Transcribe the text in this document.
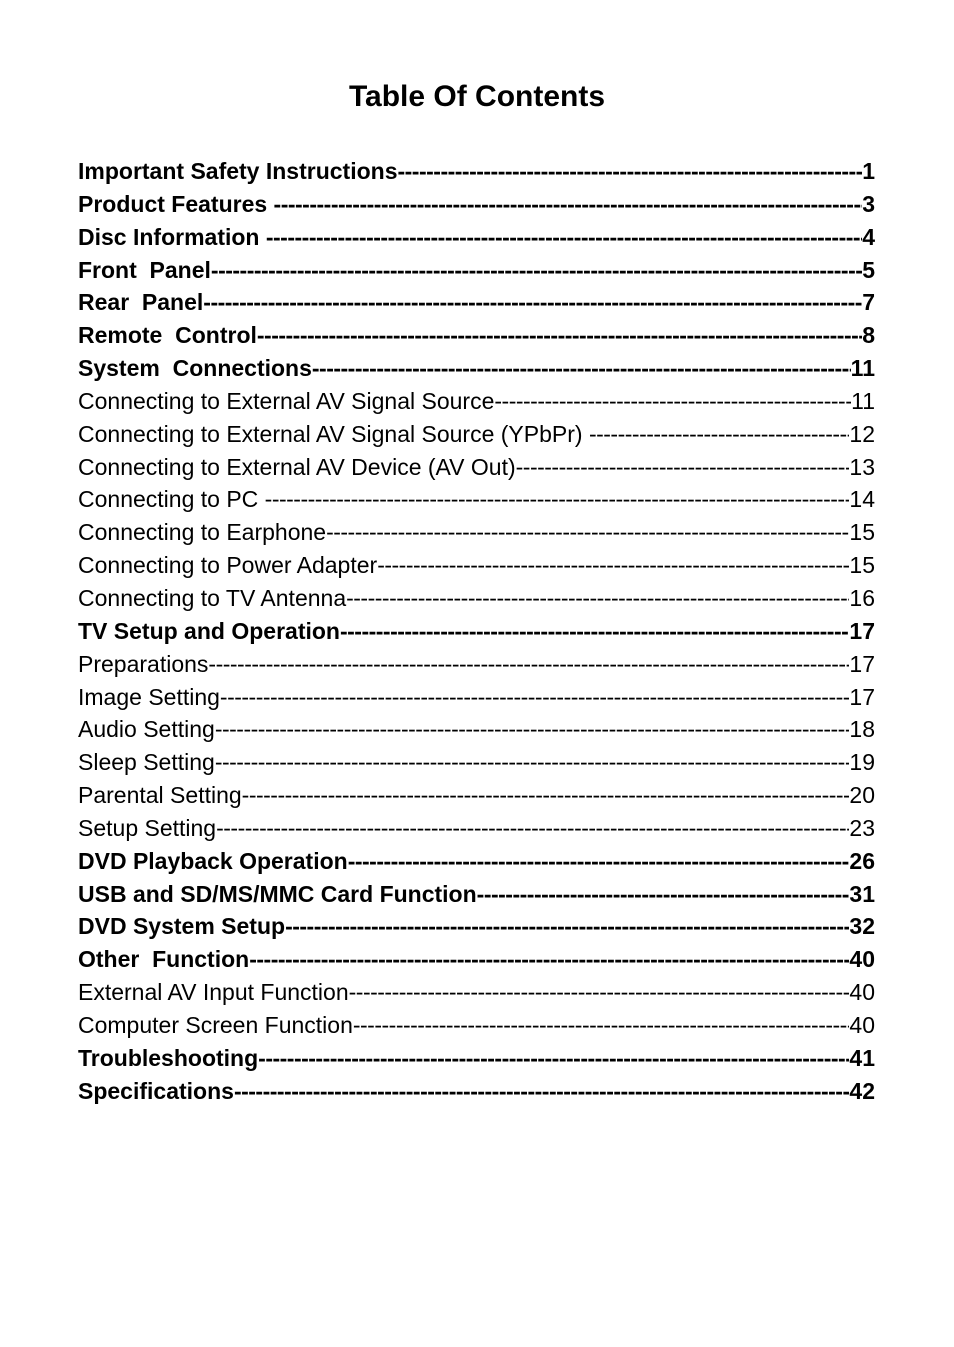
Table Of Contents
Important Safety Instructions -----	1
Product Features -----	3
Disc Information -----	4
Front  Panel -----	5
Rear  Panel -----	7
Remote  Control -----	8
System  Connections -----	11
Connecting to External AV Signal Source -----	11
Connecting to External AV Signal Source (YPbPr) -----	12
Connecting to External AV Device (AV Out) -----	13
Connecting to PC -----	14
Connecting to Earphone -----	15
Connecting to Power Adapter -----	15
Connecting to TV Antenna -----	16
TV Setup and Operation -----	17
Preparations -----	17
Image Setting -----	17
Audio Setting -----	18
Sleep Setting -----	19
Parental Setting -----	20
Setup Setting -----	23
DVD Playback Operation -----	26
USB and SD/MS/MMC Card Function -----	31
DVD System Setup -----	32
Other  Function -----	40
External AV Input Function -----	40
Computer Screen Function -----	40
Troubleshooting -----	41
Specifications -----	42
